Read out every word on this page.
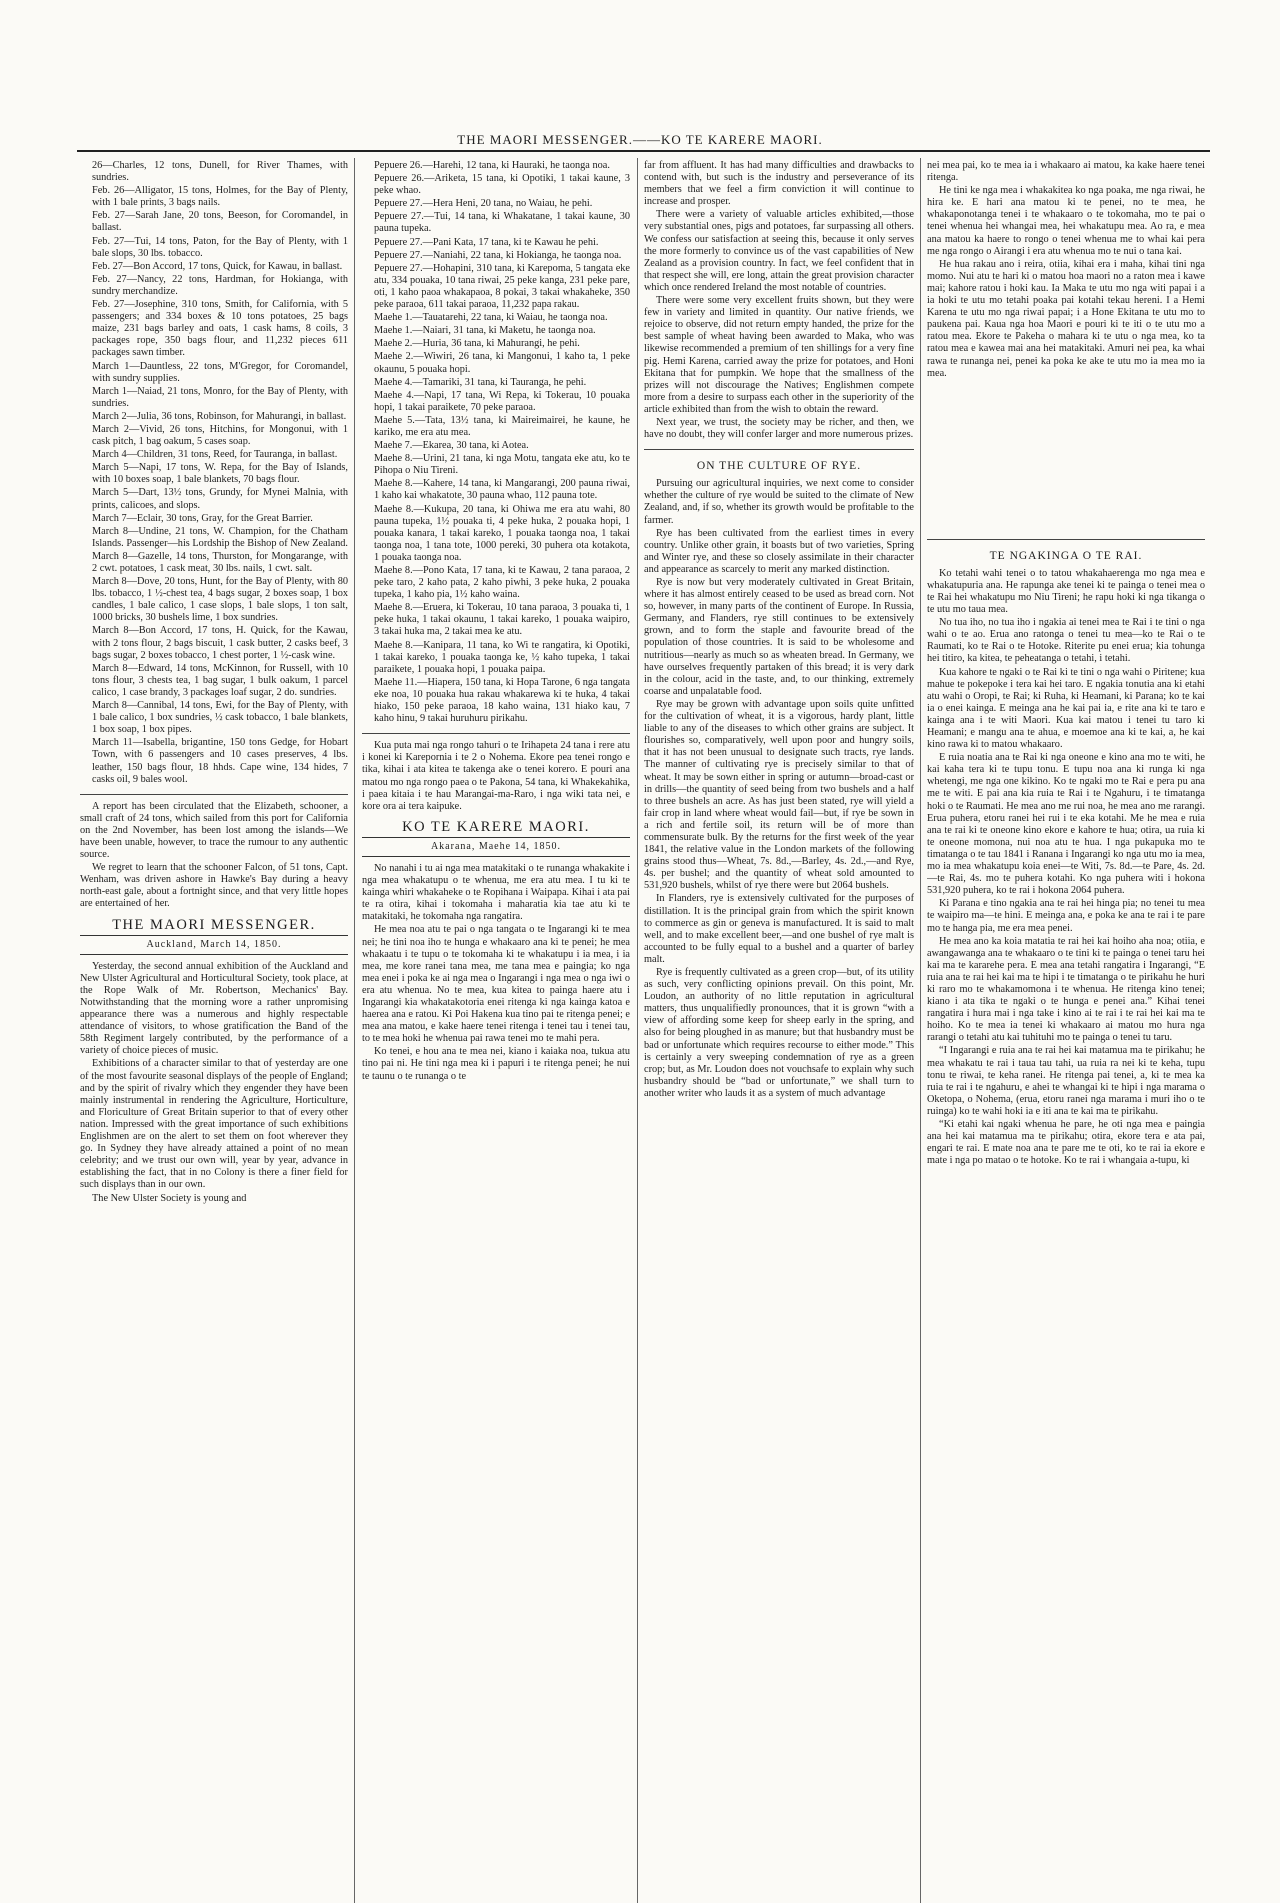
THE MAORI MESSENGER.——KO TE KARERE MAORI.

26—Charles, 12 tons, Dunell, for River Thames, with sundries.

Feb. 26—Alligator, 15 tons, Holmes, for the Bay of Plenty, with 1 bale prints, 3 bags nails.

Feb. 27—Sarah Jane, 20 tons, Beeson, for Coromandel, in ballast.

Feb. 27—Tui, 14 tons, Paton, for the Bay of Plenty, with 1 bale slops, 30 lbs. tobacco.

Feb. 27—Bon Accord, 17 tons, Quick, for Kawau, in ballast.

Feb. 27—Nancy, 22 tons, Hardman, for Hokianga, with sundry merchandize.

Feb. 27—Josephine, 310 tons, Smith, for California, with 5 passengers; and 334 boxes & 10 tons potatoes, 25 bags maize, 231 bags barley and oats, 1 cask hams, 8 coils, 3 packages rope, 350 bags flour, and 11,232 pieces 611 packages sawn timber.

March 1—Dauntless, 22 tons, M'Gregor, for Coromandel, with sundry supplies.

March 1—Naiad, 21 tons, Monro, for the Bay of Plenty, with sundries.

March 2—Julia, 36 tons, Robinson, for Mahurangi, in ballast.

March 2—Vivid, 26 tons, Hitchins, for Mongonui, with 1 cask pitch, 1 bag oakum, 5 cases soap.

March 4—Children, 31 tons, Reed, for Tauranga, in ballast.

March 5—Napi, 17 tons, W. Repa, for the Bay of Islands, with 10 boxes soap, 1 bale blankets, 70 bags flour.

March 5—Dart, 13½ tons, Grundy, for Mynei Malnia, with prints, calicoes, and slops.

March 7—Eclair, 30 tons, Gray, for the Great Barrier.

March 8—Undine, 21 tons, W. Champion, for the Chatham Islands. Passenger—his Lordship the Bishop of New Zealand.

March 8—Gazelle, 14 tons, Thurston, for Mongarange, with 2 cwt. potatoes, 1 cask meat, 30 lbs. nails, 1 cwt. salt.

March 8—Dove, 20 tons, Hunt, for the Bay of Plenty, with 80 lbs. tobacco, 1 ½-chest tea, 4 bags sugar, 2 boxes soap, 1 box candles, 1 bale calico, 1 case slops, 1 bale slops, 1 ton salt, 1000 bricks, 30 bushels lime, 1 box sundries.

March 8—Bon Accord, 17 tons, H. Quick, for the Kawau, with 2 tons flour, 2 bags biscuit, 1 cask butter, 2 casks beef, 3 bags sugar, 2 boxes tobacco, 1 chest porter, 1 ½-cask wine.

March 8—Edward, 14 tons, McKinnon, for Russell, with 10 tons flour, 3 chests tea, 1 bag sugar, 1 bulk oakum, 1 parcel calico, 1 case brandy, 3 packages loaf sugar, 2 do. sundries.

March 8—Cannibal, 14 tons, Ewi, for the Bay of Plenty, with 1 bale calico, 1 box sundries, ½ cask tobacco, 1 bale blankets, 1 box soap, 1 box pipes.

March 11—Isabella, brigantine, 150 tons Gedge, for Hobart Town, with 6 passengers and 10 cases preserves, 4 lbs. leather, 150 bags flour, 18 hhds. Cape wine, 134 hides, 7 casks oil, 9 bales wool.

A report has been circulated that the Elizabeth, schooner, a small craft of 24 tons, which sailed from this port for California on the 2nd November, has been lost among the islands—We have been unable, however, to trace the rumour to any authentic source.

We regret to learn that the schooner Falcon, of 51 tons, Capt. Wenham, was driven ashore in Hawke's Bay during a heavy north-east gale, about a fortnight since, and that very little hopes are entertained of her.

THE MAORI MESSENGER.
Auckland, March 14, 1850.

Yesterday, the second annual exhibition of the Auckland and New Ulster Agricultural and Horticultural Society, took place, at the Rope Walk of Mr. Robertson, Mechanics' Bay. Notwithstanding that the morning wore a rather unpromising appearance there was a numerous and highly respectable attendance of visitors, to whose gratification the Band of the 58th Regiment largely contributed, by the performance of a variety of choice pieces of music.

Exhibitions of a character similar to that of yesterday are one of the most favourite seasonal displays of the people of England; and by the spirit of rivalry which they engender they have been mainly instrumental in rendering the Agriculture, Horticulture, and Floriculture of Great Britain superior to that of every other nation. Impressed with the great importance of such exhibitions Englishmen are on the alert to set them on foot wherever they go. In Sydney they have already attained a point of no mean celebrity; and we trust our own will, year by year, advance in establishing the fact, that in no Colony is there a finer field for such displays than in our own.

The New Ulster Society is young and

Pepuere 26.—Harehi, 12 tana, ki Hauraki, he taonga noa.

Pepuere 26.—Ariketa, 15 tana, ki Opotiki, 1 takai kaune, 3 peke whao.

Pepuere 27.—Hera Heni, 20 tana, no Waiau, he pehi.

Pepuere 27.—Tui, 14 tana, ki Whakatane, 1 takai kaune, 30 pauna tupeka.

Pepuere 27.—Pani Kata, 17 tana, ki te Kawau he pehi.

Pepuere 27.—Naniahi, 22 tana, ki Hokianga, he taonga noa.

Pepuere 27.—Hohapini, 310 tana, ki Karepoma, 5 tangata eke atu, 334 pouaka, 10 tana riwai, 25 peke kanga, 231 peke pare, oti, 1 kaho paoa whakapaoa, 8 pokai, 3 takai whakaheke, 350 peke paraoa, 611 takai paraoa, 11,232 papa rakau.

Maehe 1.—Tauatarehi, 22 tana, ki Waiau, he taonga noa.

Maehe 1.—Naiari, 31 tana, ki Maketu, he taonga noa.

Maehe 2.—Huria, 36 tana, ki Mahurangi, he pehi.

Maehe 2.—Wiwiri, 26 tana, ki Mangonui, 1 kaho ta, 1 peke okaunu, 5 pouaka hopi.

Maehe 4.—Tamariki, 31 tana, ki Tauranga, he pehi.

Maehe 4.—Napi, 17 tana, Wi Repa, ki Tokerau, 10 pouaka hopi, 1 takai paraikete, 70 peke paraoa.

Maehe 5.—Tata, 13½ tana, ki Maireimairei, he kaune, he kariko, me era atu mea.

Maehe 7.—Ekarea, 30 tana, ki Aotea.

Maehe 8.—Urini, 21 tana, ki nga Motu, tangata eke atu, ko te Pihopa o Niu Tireni.

Maehe 8.—Kahere, 14 tana, ki Mangarangi, 200 pauna riwai, 1 kaho kai whakatote, 30 pauna whao, 112 pauna tote.

Maehe 8.—Kukupa, 20 tana, ki Ohiwa me era atu wahi, 80 pauna tupeka, 1½ pouaka ti, 4 peke huka, 2 pouaka hopi, 1 pouaka kanara, 1 takai kareko, 1 pouaka taonga noa, 1 takai taonga noa, 1 tana tote, 1000 pereki, 30 puhera ota kotakota, 1 pouaka taonga noa.

Maehe 8.—Pono Kata, 17 tana, ki te Kawau, 2 tana paraoa, 2 peke taro, 2 kaho pata, 2 kaho piwhi, 3 peke huka, 2 pouaka tupeka, 1 kaho pia, 1½ kaho waina.

Maehe 8.—Eruera, ki Tokerau, 10 tana paraoa, 3 pouaka ti, 1 peke huka, 1 takai okaunu, 1 takai kareko, 1 pouaka waipiro, 3 takai huka ma, 2 takai mea ke atu.

Maehe 8.—Kanipara, 11 tana, ko Wi te rangatira, ki Opotiki, 1 takai kareko, 1 pouaka taonga ke, ½ kaho tupeka, 1 takai paraikete, 1 pouaka hopi, 1 pouaka paipa.

Maehe 11.—Hiapera, 150 tana, ki Hopa Tarone, 6 nga tangata eke noa, 10 pouaka hua rakau whakarewa ki te huka, 4 takai hiako, 150 peke paraoa, 18 kaho waina, 131 hiako kau, 7 kaho hinu, 9 takai huruhuru pirikahu.

Kua puta mai nga rongo tahuri o te Irihapeta 24 tana i rere atu i konei ki Karepornia i te 2 o Nohema. Ekore pea tenei rongo e tika, kihai i ata kitea te takenga ake o tenei korero. E pouri ana matou mo nga rongo paea o te Pakona, 54 tana, ki Whakekahika, i paea kitaia i te hau Marangai-ma-Raro, i nga wiki tata nei, e kore ora ai tera kaipuke.

KO TE KARERE MAORI.
Akarana, Maehe 14, 1850.

No nanahi i tu ai nga mea matakitaki o te runanga whakakite i nga mea whakatupu o te whenua, me era atu mea. I tu ki te kainga whiri whakaheke o te Ropihana i Waipapa. Kihai i ata pai te ra otira, kihai i tokomaha i maharatia kia tae atu ki te matakitaki, he tokomaha nga rangatira.

He mea noa atu te pai o nga tangata o te Ingarangi ki te mea nei; he tini noa iho te hunga e whakaaro ana ki te penei; he mea whakaatu i te tupu o te tokomaha ki te whakatupu i ia mea, i ia mea, me kore ranei tana mea, me tana mea e paingia; ko nga mea enei i poka ke ai nga mea o Ingarangi i nga mea o nga iwi o era atu whenua. No te mea, kua kitea to painga haere atu i Ingarangi kia whakatakotoria enei ritenga ki nga kainga katoa e haerea ana e ratou. Ki Poi Hakena kua tino pai te ritenga penei; e mea ana matou, e kake haere tenei ritenga i tenei tau i tenei tau, to te mea hoki he whenua pai rawa tenei mo te mahi pera.

Ko tenei, e hou ana te mea nei, kiano i kaiaka noa, tukua atu tino pai ni. He tini nga mea ki i papuri i te ritenga penei; he nui te taunu o te runanga o te

far from affluent. It has had many difficulties and drawbacks to contend with, but such is the industry and perseverance of its members that we feel a firm conviction it will continue to increase and prosper.

There were a variety of valuable articles exhibited,—those very substantial ones, pigs and potatoes, far surpassing all others. We confess our satisfaction at seeing this, because it only serves the more formerly to convince us of the vast capabilities of New Zealand as a provision country. In fact, we feel confident that in that respect she will, ere long, attain the great provision character which once rendered Ireland the most notable of countries.

There were some very excellent fruits shown, but they were few in variety and limited in quantity. Our native friends, we rejoice to observe, did not return empty handed, the prize for the best sample of wheat having been awarded to Maka, who was likewise recommended a premium of ten shillings for a very fine pig. Hemi Karena, carried away the prize for potatoes, and Honi Ekitana that for pumpkin. We hope that the smallness of the prizes will not discourage the Natives; Englishmen compete more from a desire to surpass each other in the superiority of the article exhibited than from the wish to obtain the reward.

Next year, we trust, the society may be richer, and then, we have no doubt, they will confer larger and more numerous prizes.

ON THE CULTURE OF RYE.

Pursuing our agricultural inquiries, we next come to consider whether the culture of rye would be suited to the climate of New Zealand, and, if so, whether its growth would be profitable to the farmer.

Rye has been cultivated from the earliest times in every country. Unlike other grain, it boasts but of two varieties, Spring and Winter rye, and these so closely assimilate in their character and appearance as scarcely to merit any marked distinction.

Rye is now but very moderately cultivated in Great Britain, where it has almost entirely ceased to be used as bread corn. Not so, however, in many parts of the continent of Europe. In Russia, Germany, and Flanders, rye still continues to be extensively grown, and to form the staple and favourite bread of the population of those countries. It is said to be wholesome and nutritious—nearly as much so as wheaten bread. In Germany, we have ourselves frequently partaken of this bread; it is very dark in the colour, acid in the taste, and, to our thinking, extremely coarse and unpalatable food.

Rye may be grown with advantage upon soils quite unfitted for the cultivation of wheat, it is a vigorous, hardy plant, little liable to any of the diseases to which other grains are subject. It flourishes so, comparatively, well upon poor and hungry soils, that it has not been unusual to designate such tracts, rye lands. The manner of cultivating rye is precisely similar to that of wheat. It may be sown either in spring or autumn—broad-cast or in drills—the quantity of seed being from two bushels and a half to three bushels an acre. As has just been stated, rye will yield a fair crop in land where wheat would fail—but, if rye be sown in a rich and fertile soil, its return will be of more than commensurate bulk. By the returns for the first week of the year 1841, the relative value in the London markets of the following grains stood thus—Wheat, 7s. 8d.,—Barley, 4s. 2d.,—and Rye, 4s. per bushel; and the quantity of wheat sold amounted to 531,920 bushels, whilst of rye there were but 2064 bushels.

In Flanders, rye is extensively cultivated for the purposes of distillation. It is the principal grain from which the spirit known to commerce as gin or geneva is manufactured. It is said to malt well, and to make excellent beer,—and one bushel of rye malt is accounted to be fully equal to a bushel and a quarter of barley malt.

Rye is frequently cultivated as a green crop—but, of its utility as such, very conflicting opinions prevail. On this point, Mr. Loudon, an authority of no little reputation in agricultural matters, thus unqualifiedly pronounces, that it is grown “with a view of affording some keep for sheep early in the spring, and also for being ploughed in as manure; but that husbandry must be bad or unfortunate which requires recourse to either mode.” This is certainly a very sweeping condemnation of rye as a green crop; but, as Mr. Loudon does not vouchsafe to explain why such husbandry should be “bad or unfortunate,” we shall turn to another writer who lauds it as a system of much advantage

nei mea pai, ko te mea ia i whakaaro ai matou, ka kake haere tenei ritenga.

He tini ke nga mea i whakakitea ko nga poaka, me nga riwai, he hira ke. E hari ana matou ki te penei, no te mea, he whakaponotanga tenei i te whakaaro o te tokomaha, mo te pai o tenei whenua hei whangai mea, hei whakatupu mea. Ao ra, e mea ana matou ka haere to rongo o tenei whenua me to whai kai pera me nga rongo o Airangi i era atu whenua mo te nui o tana kai.

He hua rakau ano i reira, otiia, kihai era i maha, kihai tini nga momo. Nui atu te hari ki o matou hoa maori no a raton mea i kawe mai; kahore ratou i hoki kau. Ia Maka te utu mo nga witi papai i a ia hoki te utu mo tetahi poaka pai kotahi tekau hereni. I a Hemi Karena te utu mo nga riwai papai; i a Hone Ekitana te utu mo to paukena pai. Kaua nga hoa Maori e pouri ki te iti o te utu mo a ratou mea. Ekore te Pakeha o mahara ki te utu o nga mea, ko ta ratou mea e kawea mai ana hei matakitaki. Amuri nei pea, ka whai rawa te runanga nei, penei ka poka ke ake te utu mo ia mea mo ia mea.

TE NGAKINGA O TE RAI.

Ko tetahi wahi tenei o to tatou whakahaerenga mo nga mea e whakatupuria ana. He rapunga ake tenei ki te painga o tenei mea o te Rai hei whakatupu mo Niu Tireni; he rapu hoki ki nga tikanga o te utu mo taua mea.

No tua iho, no tua iho i ngakia ai tenei mea te Rai i te tini o nga wahi o te ao. Erua ano ratonga o tenei tu mea—ko te Rai o te Raumati, ko te Rai o te Hotoke. Riterite pu enei erua; kia tohunga hei titiro, ka kitea, te peheatanga o tetahi, i tetahi.

Kua kahore te ngaki o te Rai ki te tini o nga wahi o Piritene; kua mahue te pokepoke i tera kai hei taro. E ngakia tonutia ana ki etahi atu wahi o Oropi, te Rai; ki Ruha, ki Heamani, ki Parana; ko te kai ia o enei kainga. E meinga ana he kai pai ia, e rite ana ki te taro e kainga ana i te witi Maori. Kua kai matou i tenei tu taro ki Heamani; e mangu ana te ahua, e moemoe ana ki te kai, a, he kai kino rawa ki to matou whakaaro.

E ruia noatia ana te Rai ki nga oneone e kino ana mo te witi, he kai kaha tera ki te tupu tonu. E tupu noa ana ki runga ki nga whetengi, me nga one kikino. Ko te ngaki mo te Rai e pera pu ana me te witi. E pai ana kia ruia te Rai i te Ngahuru, i te timatanga hoki o te Raumati. He mea ano me rui noa, he mea ano me rarangi. Erua puhera, etoru ranei hei rui i te eka kotahi. Me he mea e ruia ana te rai ki te oneone kino ekore e kahore te hua; otira, ua ruia ki te oneone momona, nui noa atu te hua. I nga pukapuka mo te timatanga o te tau 1841 i Ranana i Ingarangi ko nga utu mo ia mea, mo ia mea whakatupu koia enei—te Witi, 7s. 8d.—te Pare, 4s. 2d.—te Rai, 4s. mo te puhera kotahi. Ko nga puhera witi i hokona 531,920 puhera, ko te rai i hokona 2064 puhera.

Ki Parana e tino ngakia ana te rai hei hinga pia; no tenei tu mea te waipiro ma—te hini. E meinga ana, e poka ke ana te rai i te pare mo te hanga pia, me era mea penei.

He mea ano ka koia matatia te rai hei kai hoiho aha noa; otiia, e awangawanga ana te whakaaro o te tini ki te painga o tenei taru hei kai ma te kararehe pera. E mea ana tetahi rangatira i Ingarangi, “E ruia ana te rai hei kai ma te hipi i te timatanga o te pirikahu he huri ki raro mo te whakamomona i te whenua. He ritenga kino tenei; kiano i ata tika te ngaki o te hunga e penei ana.” Kihai tenei rangatira i hura mai i nga take i kino ai te rai i te rai hei kai ma te hoiho. Ko te mea ia tenei ki whakaaro ai matou mo hura nga rarangi o tetahi atu kai tuhituhi mo te painga o tenei tu taru.

“I Ingarangi e ruia ana te rai hei kai matamua ma te pirikahu; he mea whakatu te rai i taua tau tahi, ua ruia ra nei ki te keha, tupu tonu te riwai, te keha ranei. He ritenga pai tenei, a, ki te mea ka ruia te rai i te ngahuru, e ahei te whangai ki te hipi i nga marama o Oketopa, o Nohema, (erua, etoru ranei nga marama i muri iho o te ruinga) ko te wahi hoki ia e iti ana te kai ma te pirikahu.

“Ki etahi kai ngaki whenua he pare, he oti nga mea e paingia ana hei kai matamua ma te pirikahu; otira, ekore tera e ata pai, engari te rai. E mate noa ana te pare me te oti, ko te rai ia ekore e mate i nga po matao o te hotoke. Ko te rai i whangaia a-tupu, ki
